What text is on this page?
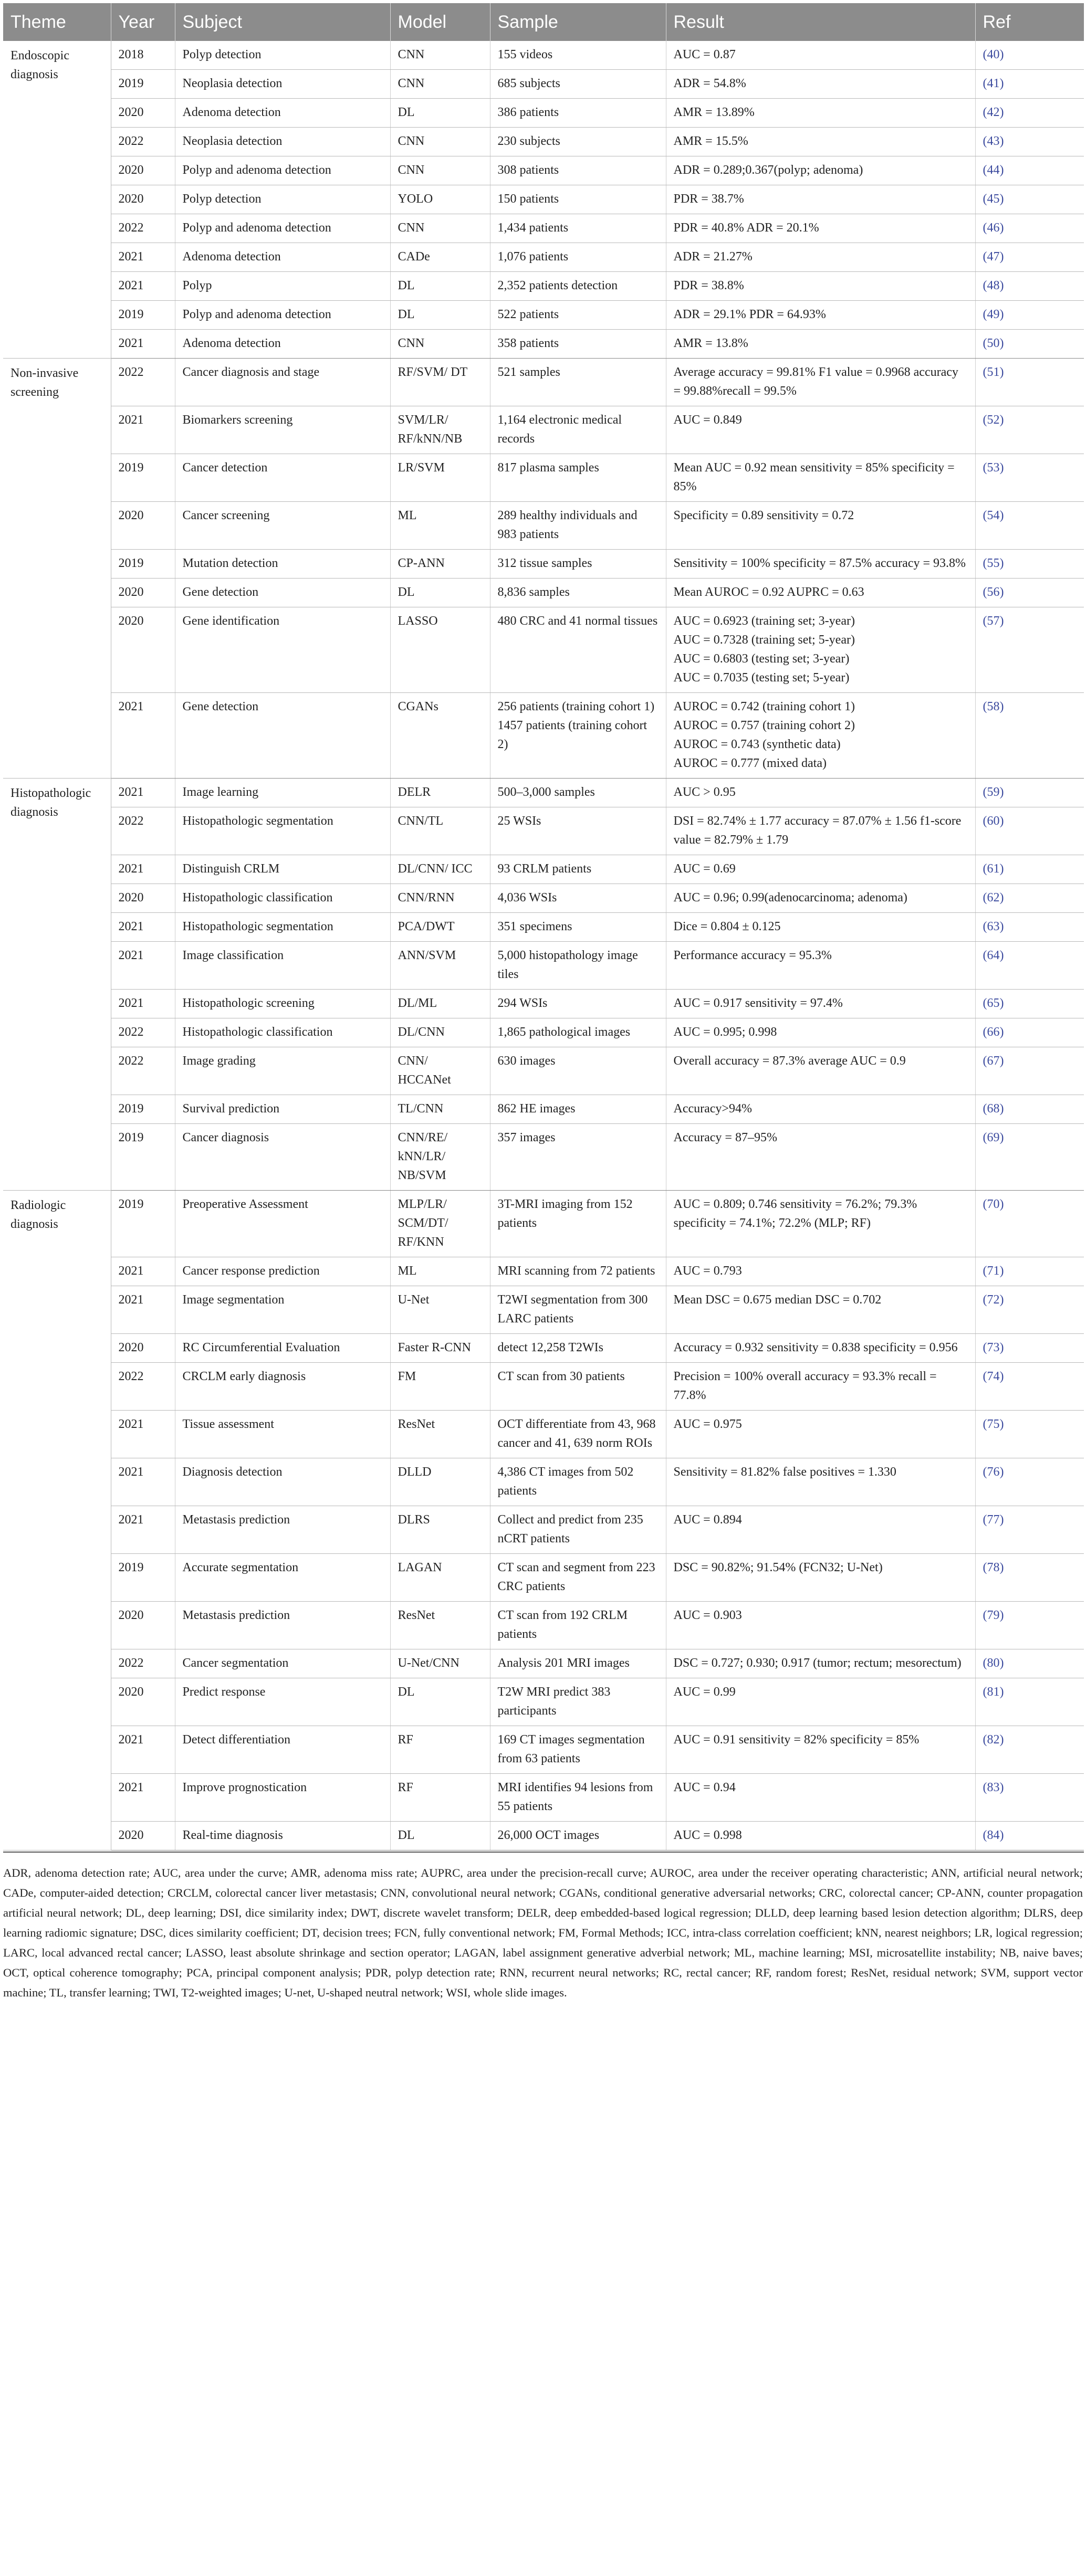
Theme	Year	Subject	Model	Sample	Result	Ref
Endoscopic diagnosis	2018	Polyp detection	CNN	155 videos	AUC = 0.87	(40)
	2019	Neoplasia detection	CNN	685 subjects	ADR = 54.8%	(41)
	2020	Adenoma detection	DL	386 patients	AMR = 13.89%	(42)
	2022	Neoplasia detection	CNN	230 subjects	AMR = 15.5%	(43)
	2020	Polyp and adenoma detection	CNN	308 patients	ADR = 0.289;0.367(polyp; adenoma)	(44)
	2020	Polyp detection	YOLO	150 patients	PDR = 38.7%	(45)
	2022	Polyp and adenoma detection	CNN	1,434 patients	PDR = 40.8% ADR = 20.1%	(46)
	2021	Adenoma detection	CADe	1,076 patients	ADR = 21.27%	(47)
	2021	Polyp	DL	2,352 patients detection	PDR = 38.8%	(48)
	2019	Polyp and adenoma detection	DL	522 patients	ADR = 29.1% PDR = 64.93%	(49)
	2021	Adenoma detection	CNN	358 patients	AMR = 13.8%	(50)
Non-invasive screening	2022	Cancer diagnosis and stage	RF/SVM/ DT	521 samples	Average accuracy = 99.81% F1 value = 0.9968 accuracy = 99.88%recall = 99.5%	(51)
	2021	Biomarkers screening	SVM/LR/ RF/kNN/NB	1,164 electronic medical records	AUC = 0.849	(52)
	2019	Cancer detection	LR/SVM	817 plasma samples	Mean AUC = 0.92 mean sensitivity = 85% specificity = 85%	(53)
	2020	Cancer screening	ML	289 healthy individuals and 983 patients	Specificity = 0.89 sensitivity = 0.72	(54)
	2019	Mutation detection	CP-ANN	312 tissue samples	Sensitivity = 100% specificity = 87.5% accuracy = 93.8%	(55)
	2020	Gene detection	DL	8,836 samples	Mean AUROC = 0.92 AUPRC = 0.63	(56)
	2020	Gene identification	LASSO	480 CRC and 41 normal tissues	AUC = 0.6923 (training set; 3-year)
AUC = 0.7328 (training set; 5-year)
AUC = 0.6803 (testing set; 3-year)
AUC = 0.7035 (testing set; 5-year)	(57)
	2021	Gene detection	CGANs	256 patients (training cohort 1) 1457 patients (training cohort 2)	AUROC = 0.742 (training cohort 1)
AUROC = 0.757 (training cohort 2)
AUROC = 0.743 (synthetic data)
AUROC = 0.777 (mixed data)	(58)
Histopathologic diagnosis	2021	Image learning	DELR	500–3,000 samples	AUC > 0.95	(59)
	2022	Histopathologic segmentation	CNN/TL	25 WSIs	DSI = 82.74% ± 1.77 accuracy = 87.07% ± 1.56 f1-score value = 82.79% ± 1.79	(60)
	2021	Distinguish CRLM	DL/CNN/ ICC	93 CRLM patients	AUC = 0.69	(61)
	2020	Histopathologic classification	CNN/RNN	4,036 WSIs	AUC = 0.96; 0.99(adenocarcinoma; adenoma)	(62)
	2021	Histopathologic segmentation	PCA/DWT	351 specimens	Dice = 0.804 ± 0.125	(63)
	2021	Image classification	ANN/SVM	5,000 histopathology image tiles	Performance accuracy = 95.3%	(64)
	2021	Histopathologic screening	DL/ML	294 WSIs	AUC = 0.917 sensitivity = 97.4%	(65)
	2022	Histopathologic classification	DL/CNN	1,865 pathological images	AUC = 0.995; 0.998	(66)
	2022	Image grading	CNN/ HCCANet	630 images	Overall accuracy = 87.3% average AUC = 0.9	(67)
	2019	Survival prediction	TL/CNN	862 HE images	Accuracy>94%	(68)
	2019	Cancer diagnosis	CNN/RE/ kNN/LR/ NB/SVM	357 images	Accuracy = 87–95%	(69)
Radiologic diagnosis	2019	Preoperative Assessment	MLP/LR/ SCM/DT/ RF/KNN	3T-MRI imaging from 152 patients	AUC = 0.809; 0.746 sensitivity = 76.2%; 79.3% specificity = 74.1%; 72.2% (MLP; RF)	(70)
	2021	Cancer response prediction	ML	MRI scanning from 72 patients	AUC = 0.793	(71)
	2021	Image segmentation	U-Net	T2WI segmentation from 300 LARC patients	Mean DSC = 0.675 median DSC = 0.702	(72)
	2020	RC Circumferential Evaluation	Faster R-CNN	detect 12,258 T2WIs	Accuracy = 0.932 sensitivity = 0.838 specificity = 0.956	(73)
	2022	CRCLM early diagnosis	FM	CT scan from 30 patients	Precision = 100% overall accuracy = 93.3% recall = 77.8%	(74)
	2021	Tissue assessment	ResNet	OCT differentiate from 43, 968 cancer and 41, 639 norm ROIs	AUC = 0.975	(75)
	2021	Diagnosis detection	DLLD	4,386 CT images from 502 patients	Sensitivity = 81.82% false positives = 1.330	(76)
	2021	Metastasis prediction	DLRS	Collect and predict from 235 nCRT patients	AUC = 0.894	(77)
	2019	Accurate segmentation	LAGAN	CT scan and segment from 223 CRC patients	DSC = 90.82%; 91.54% (FCN32; U-Net)	(78)
	2020	Metastasis prediction	ResNet	CT scan from 192 CRLM patients	AUC = 0.903	(79)
	2022	Cancer segmentation	U-Net/CNN	Analysis 201 MRI images	DSC = 0.727; 0.930; 0.917 (tumor; rectum; mesorectum)	(80)
	2020	Predict response	DL	T2W MRI predict 383 participants	AUC = 0.99	(81)
	2021	Detect differentiation	RF	169 CT images segmentation from 63 patients	AUC = 0.91 sensitivity = 82% specificity = 85%	(82)
	2021	Improve prognostication	RF	MRI identifies 94 lesions from 55 patients	AUC = 0.94	(83)
	2020	Real-time diagnosis	DL	26,000 OCT images	AUC = 0.998	(84)
ADR, adenoma detection rate; AUC, area under the curve; AMR, adenoma miss rate; AUPRC, area under the precision-recall curve; AUROC, area under the receiver operating characteristic; ANN, artificial neural network; CADe, computer-aided detection; CRCLM, colorectal cancer liver metastasis; CNN, convolutional neural network; CGANs, conditional generative adversarial networks; CRC, colorectal cancer; CP-ANN, counter propagation artificial neural network; DL, deep learning; DSI, dice similarity index; DWT, discrete wavelet transform; DELR, deep embedded-based logical regression; DLLD, deep learning based lesion detection algorithm; DLRS, deep learning radiomic signature; DSC, dices similarity coefficient; DT, decision trees; FCN, fully conventional network; FM, Formal Methods; ICC, intra-class correlation coefficient; kNN, nearest neighbors; LR, logical regression; LARC, local advanced rectal cancer; LASSO, least absolute shrinkage and section operator; LAGAN, label assignment generative adverbial network; ML, machine learning; MSI, microsatellite instability; NB, naive baves; OCT, optical coherence tomography; PCA, principal component analysis; PDR, polyp detection rate; RNN, recurrent neural networks; RC, rectal cancer; RF, random forest; ResNet, residual network; SVM, support vector machine; TL, transfer learning; TWI, T2-weighted images; U-net, U-shaped neutral network; WSI, whole slide images.
